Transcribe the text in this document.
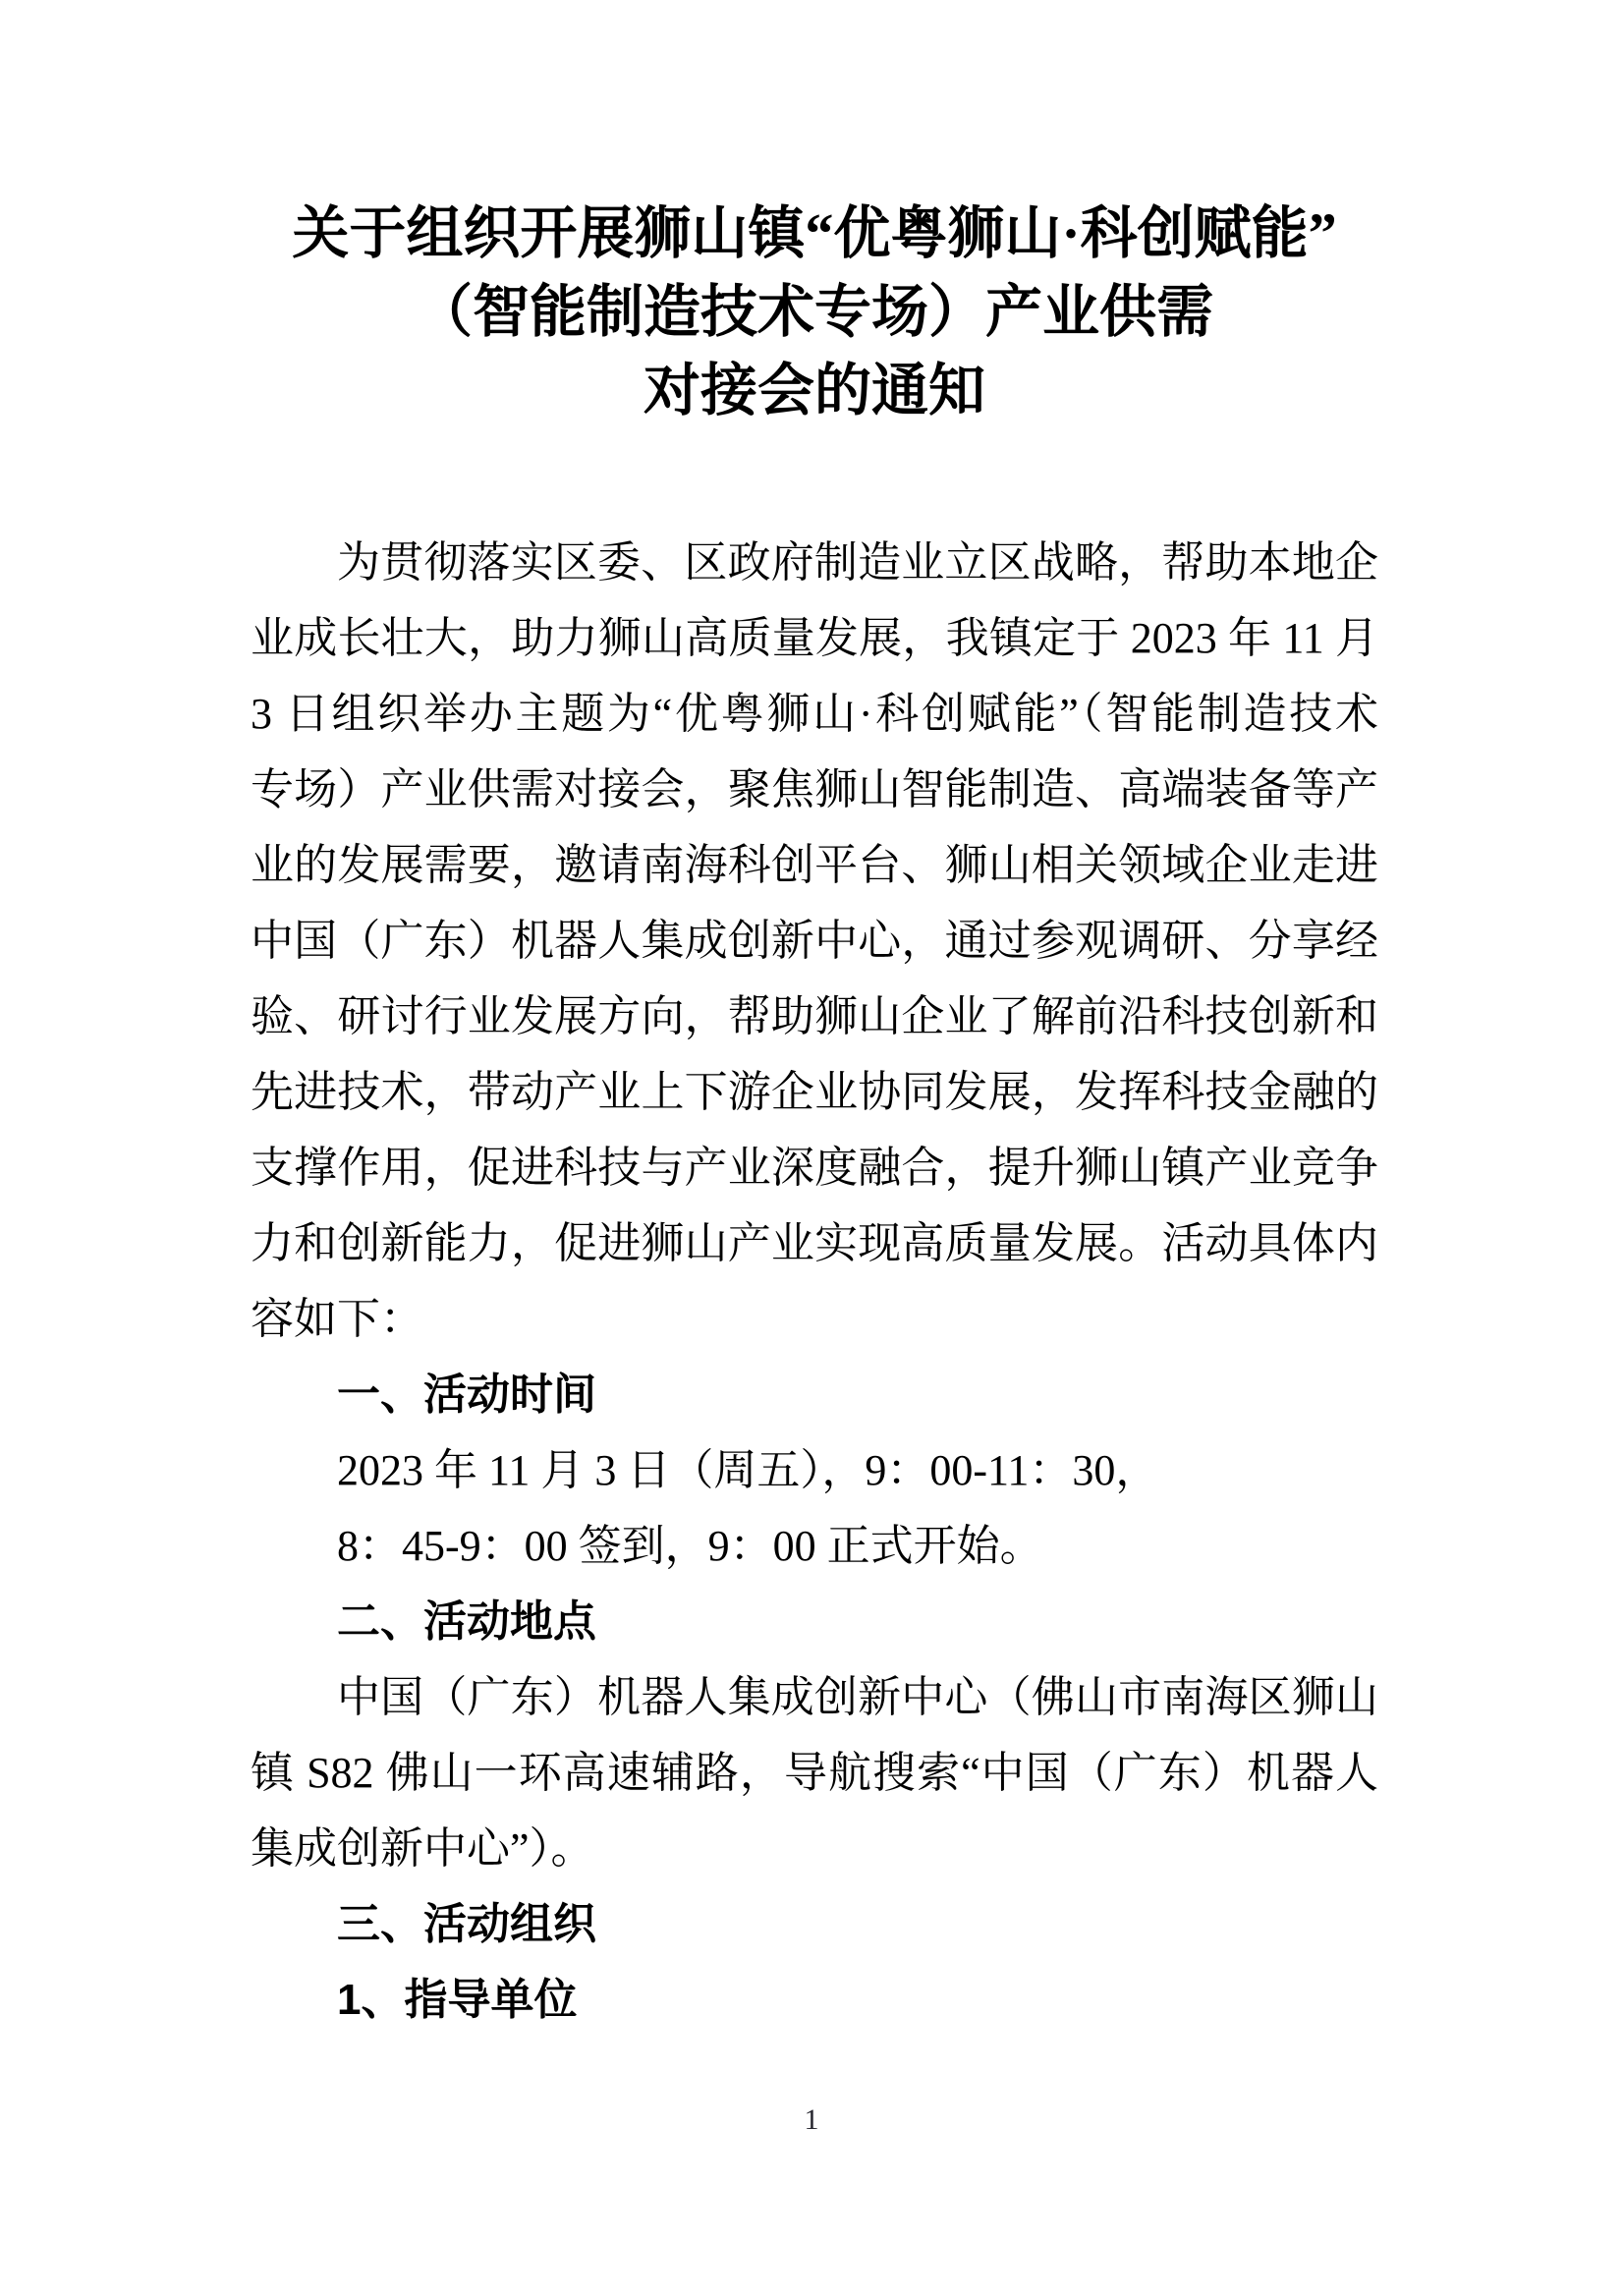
关于组织开展狮山镇“优粤狮山·科创赋能”
（智能制造技术专场）产业供需
对接会的通知
为贯彻落实区委、区政府制造业立区战略，帮助本地企
业成长壮大，助力狮山高质量发展，我镇定于 2023 年 11 月
3 日组织举办主题为“优粤狮山·科创赋能”（智能制造技术
专场）产业供需对接会，聚焦狮山智能制造、高端装备等产
业的发展需要，邀请南海科创平台、狮山相关领域企业走进
中国（广东）机器人集成创新中心，通过参观调研、分享经
验、研讨行业发展方向，帮助狮山企业了解前沿科技创新和
先进技术，带动产业上下游企业协同发展，发挥科技金融的
支撑作用，促进科技与产业深度融合，提升狮山镇产业竞争
力和创新能力，促进狮山产业实现高质量发展。活动具体内
容如下：
一、活动时间
2023 年 11 月 3 日（周五），9：00-11：30，
8：45-9：00 签到，9：00 正式开始。
二、活动地点
中国（广东）机器人集成创新中心（佛山市南海区狮山
镇 S82 佛山一环高速辅路，导航搜索“中国（广东）机器人
集成创新中心”）。
三、活动组织
1、指导单位
1
